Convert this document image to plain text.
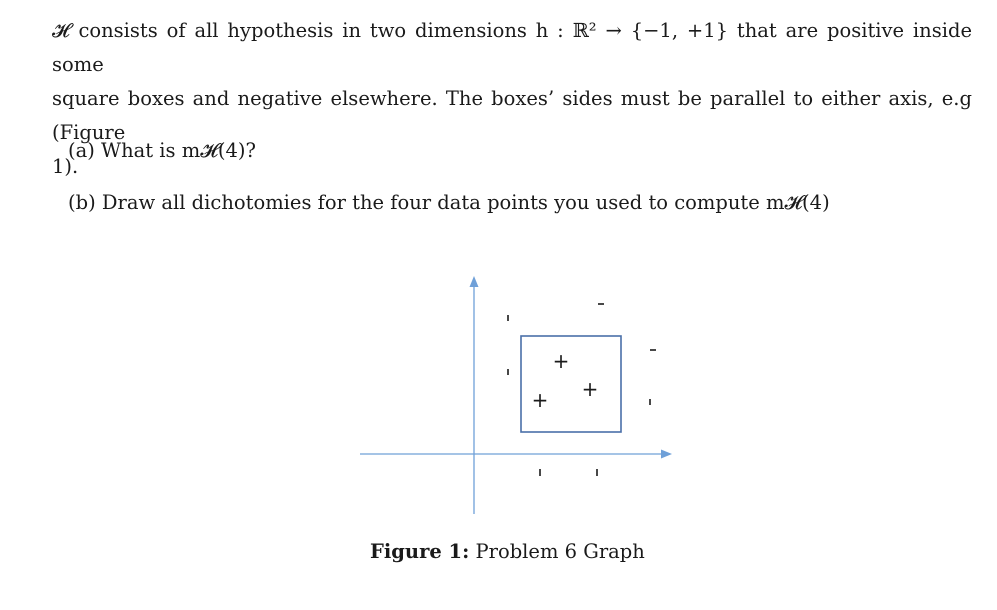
𝓗 consists of all hypothesis in two dimensions h : ℝ² → {−1, +1} that are positive inside some
square boxes and negative elsewhere. The boxes’ sides must be parallel to either axis, e.g (Figure
1).
(a) What is m𝓗(4)?
(b) Draw all dichotomies for the four data points you used to compute m𝓗(4)
+
+
+
Figure 1: Problem 6 Graph
